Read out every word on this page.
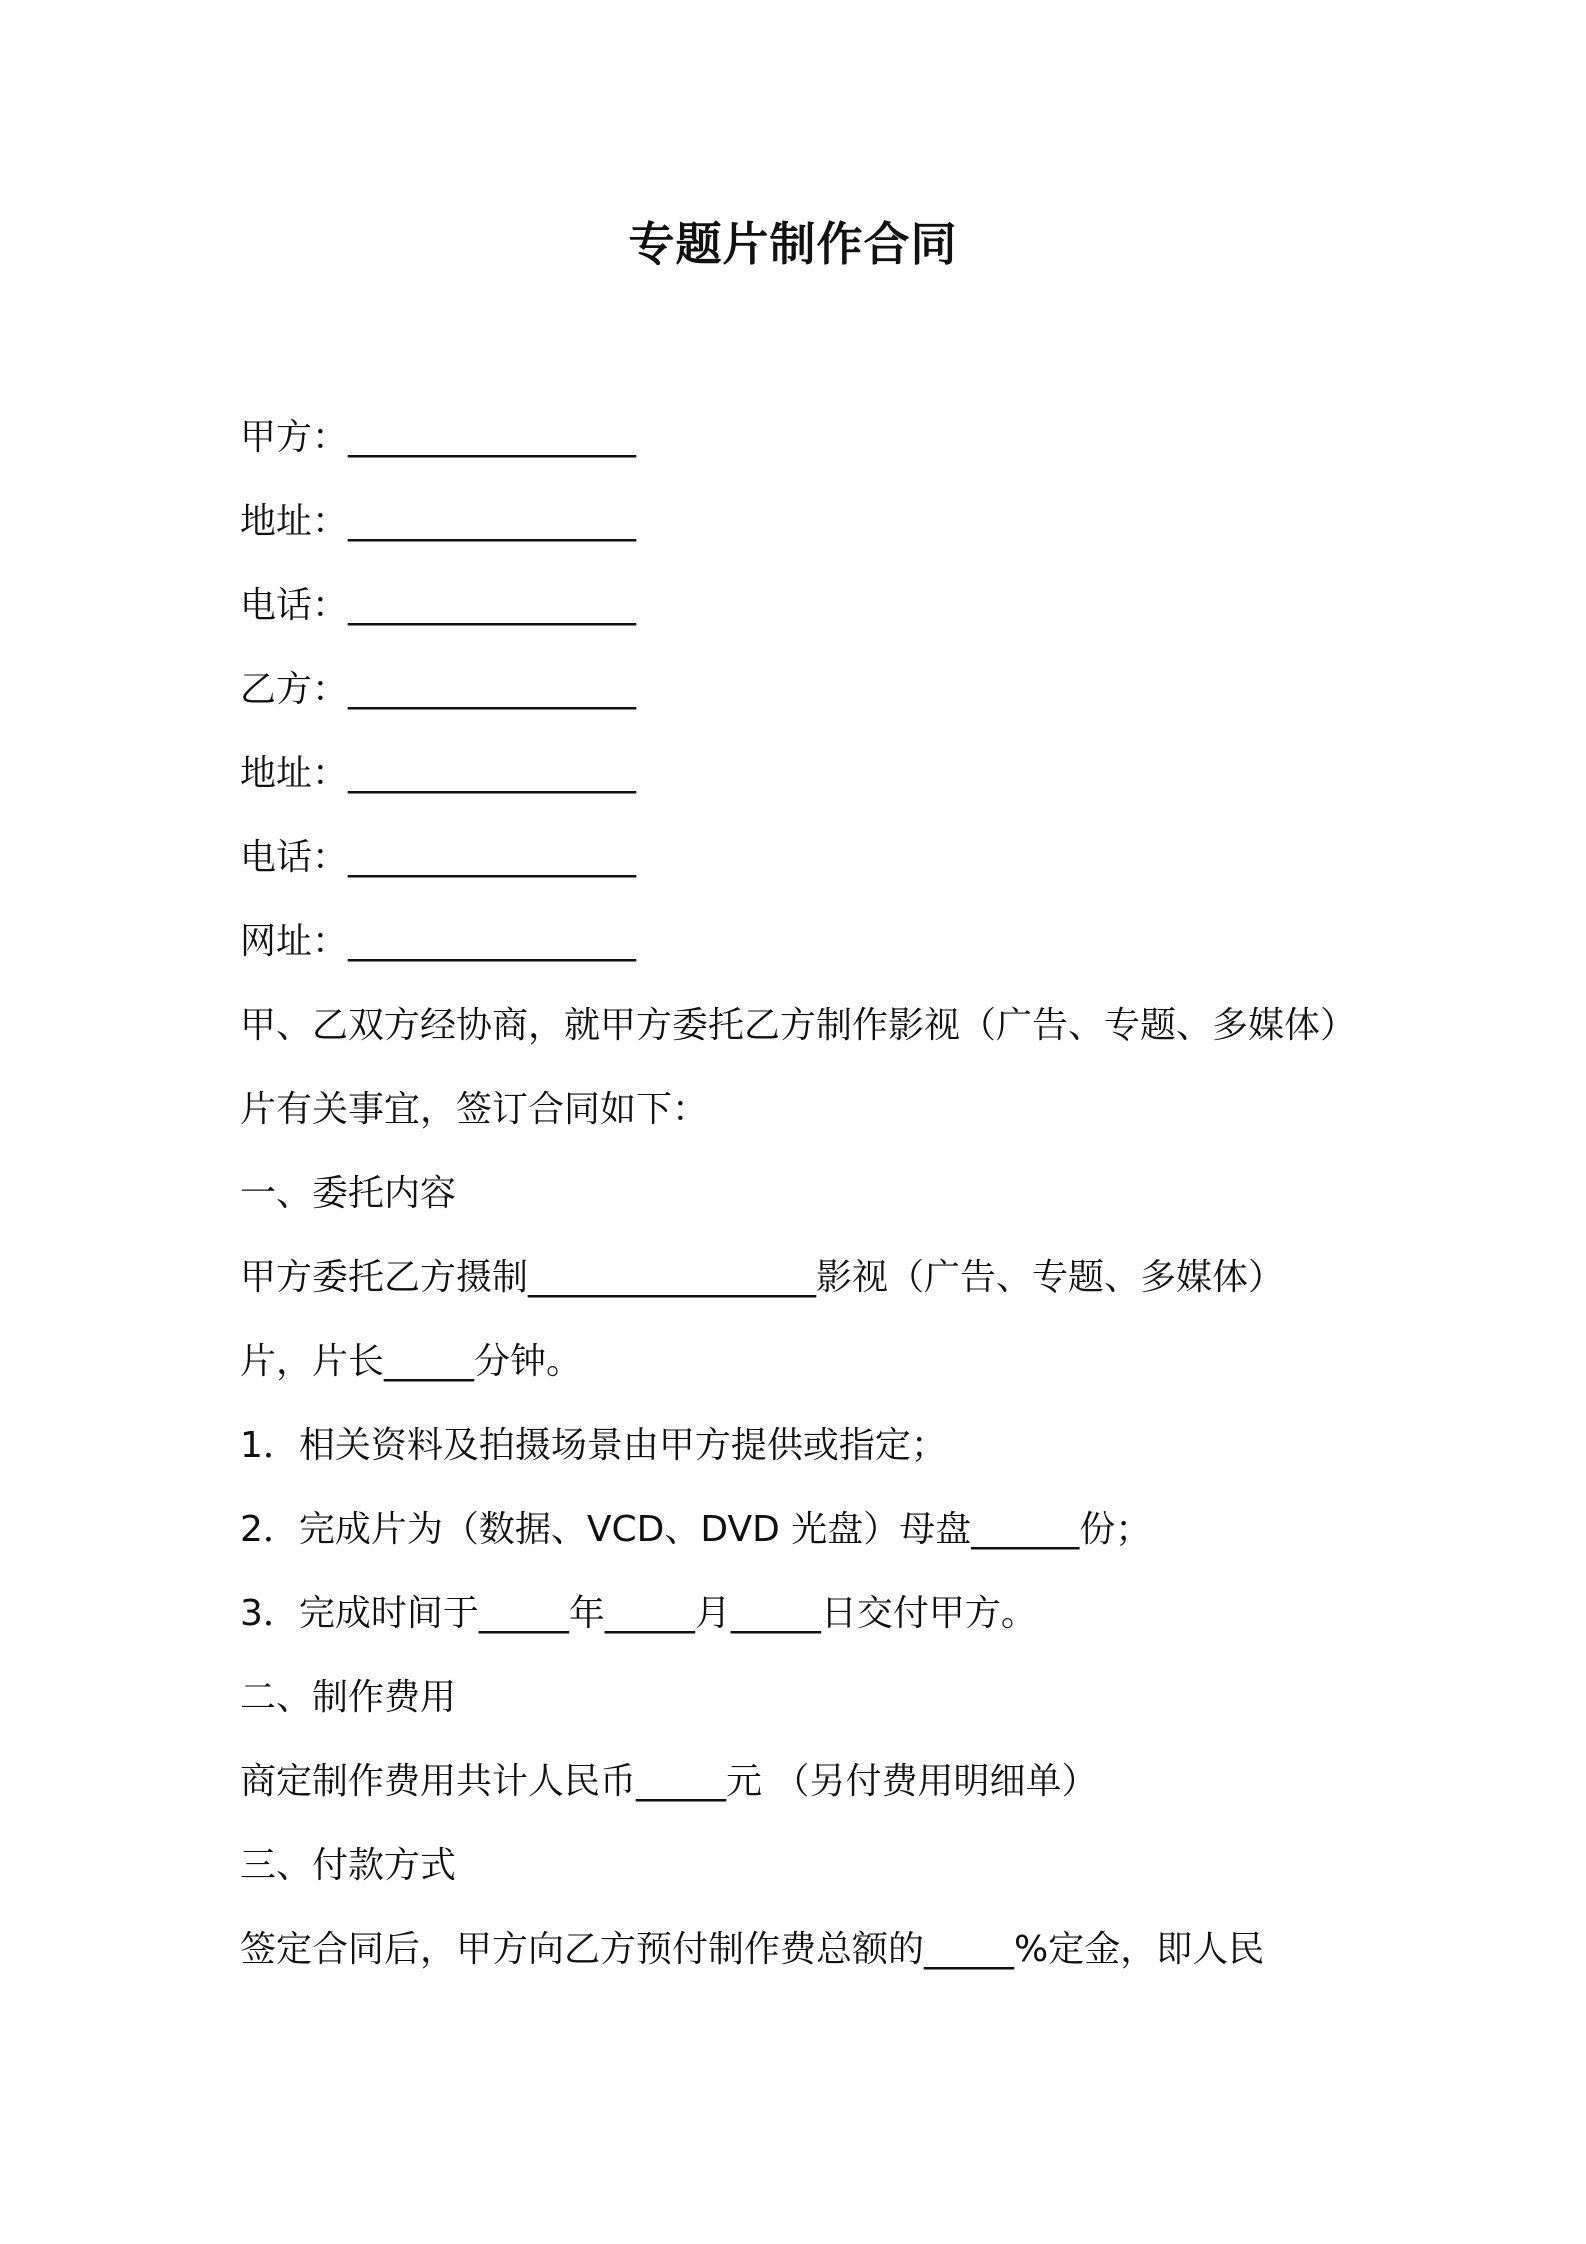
专题片制作合同
甲方：________________
地址：________________
电话：________________
乙方：________________
地址：________________
电话：________________
网址：________________
甲、乙双方经协商，就甲方委托乙方制作影视（广告、专题、多媒体）
片有关事宜，签订合同如下：
一、委托内容
甲方委托乙方摄制________________影视（广告、专题、多媒体）
片，片长_____分钟。
1．相关资料及拍摄场景由甲方提供或指定；
2．完成片为（数据、VCD、DVD 光盘）母盘______份；
3．完成时间于_____年_____月_____日交付甲方。
二、制作费用
商定制作费用共计人民币_____元 （另付费用明细单）
三、付款方式
签定合同后，甲方向乙方预付制作费总额的_____%定金，即人民
